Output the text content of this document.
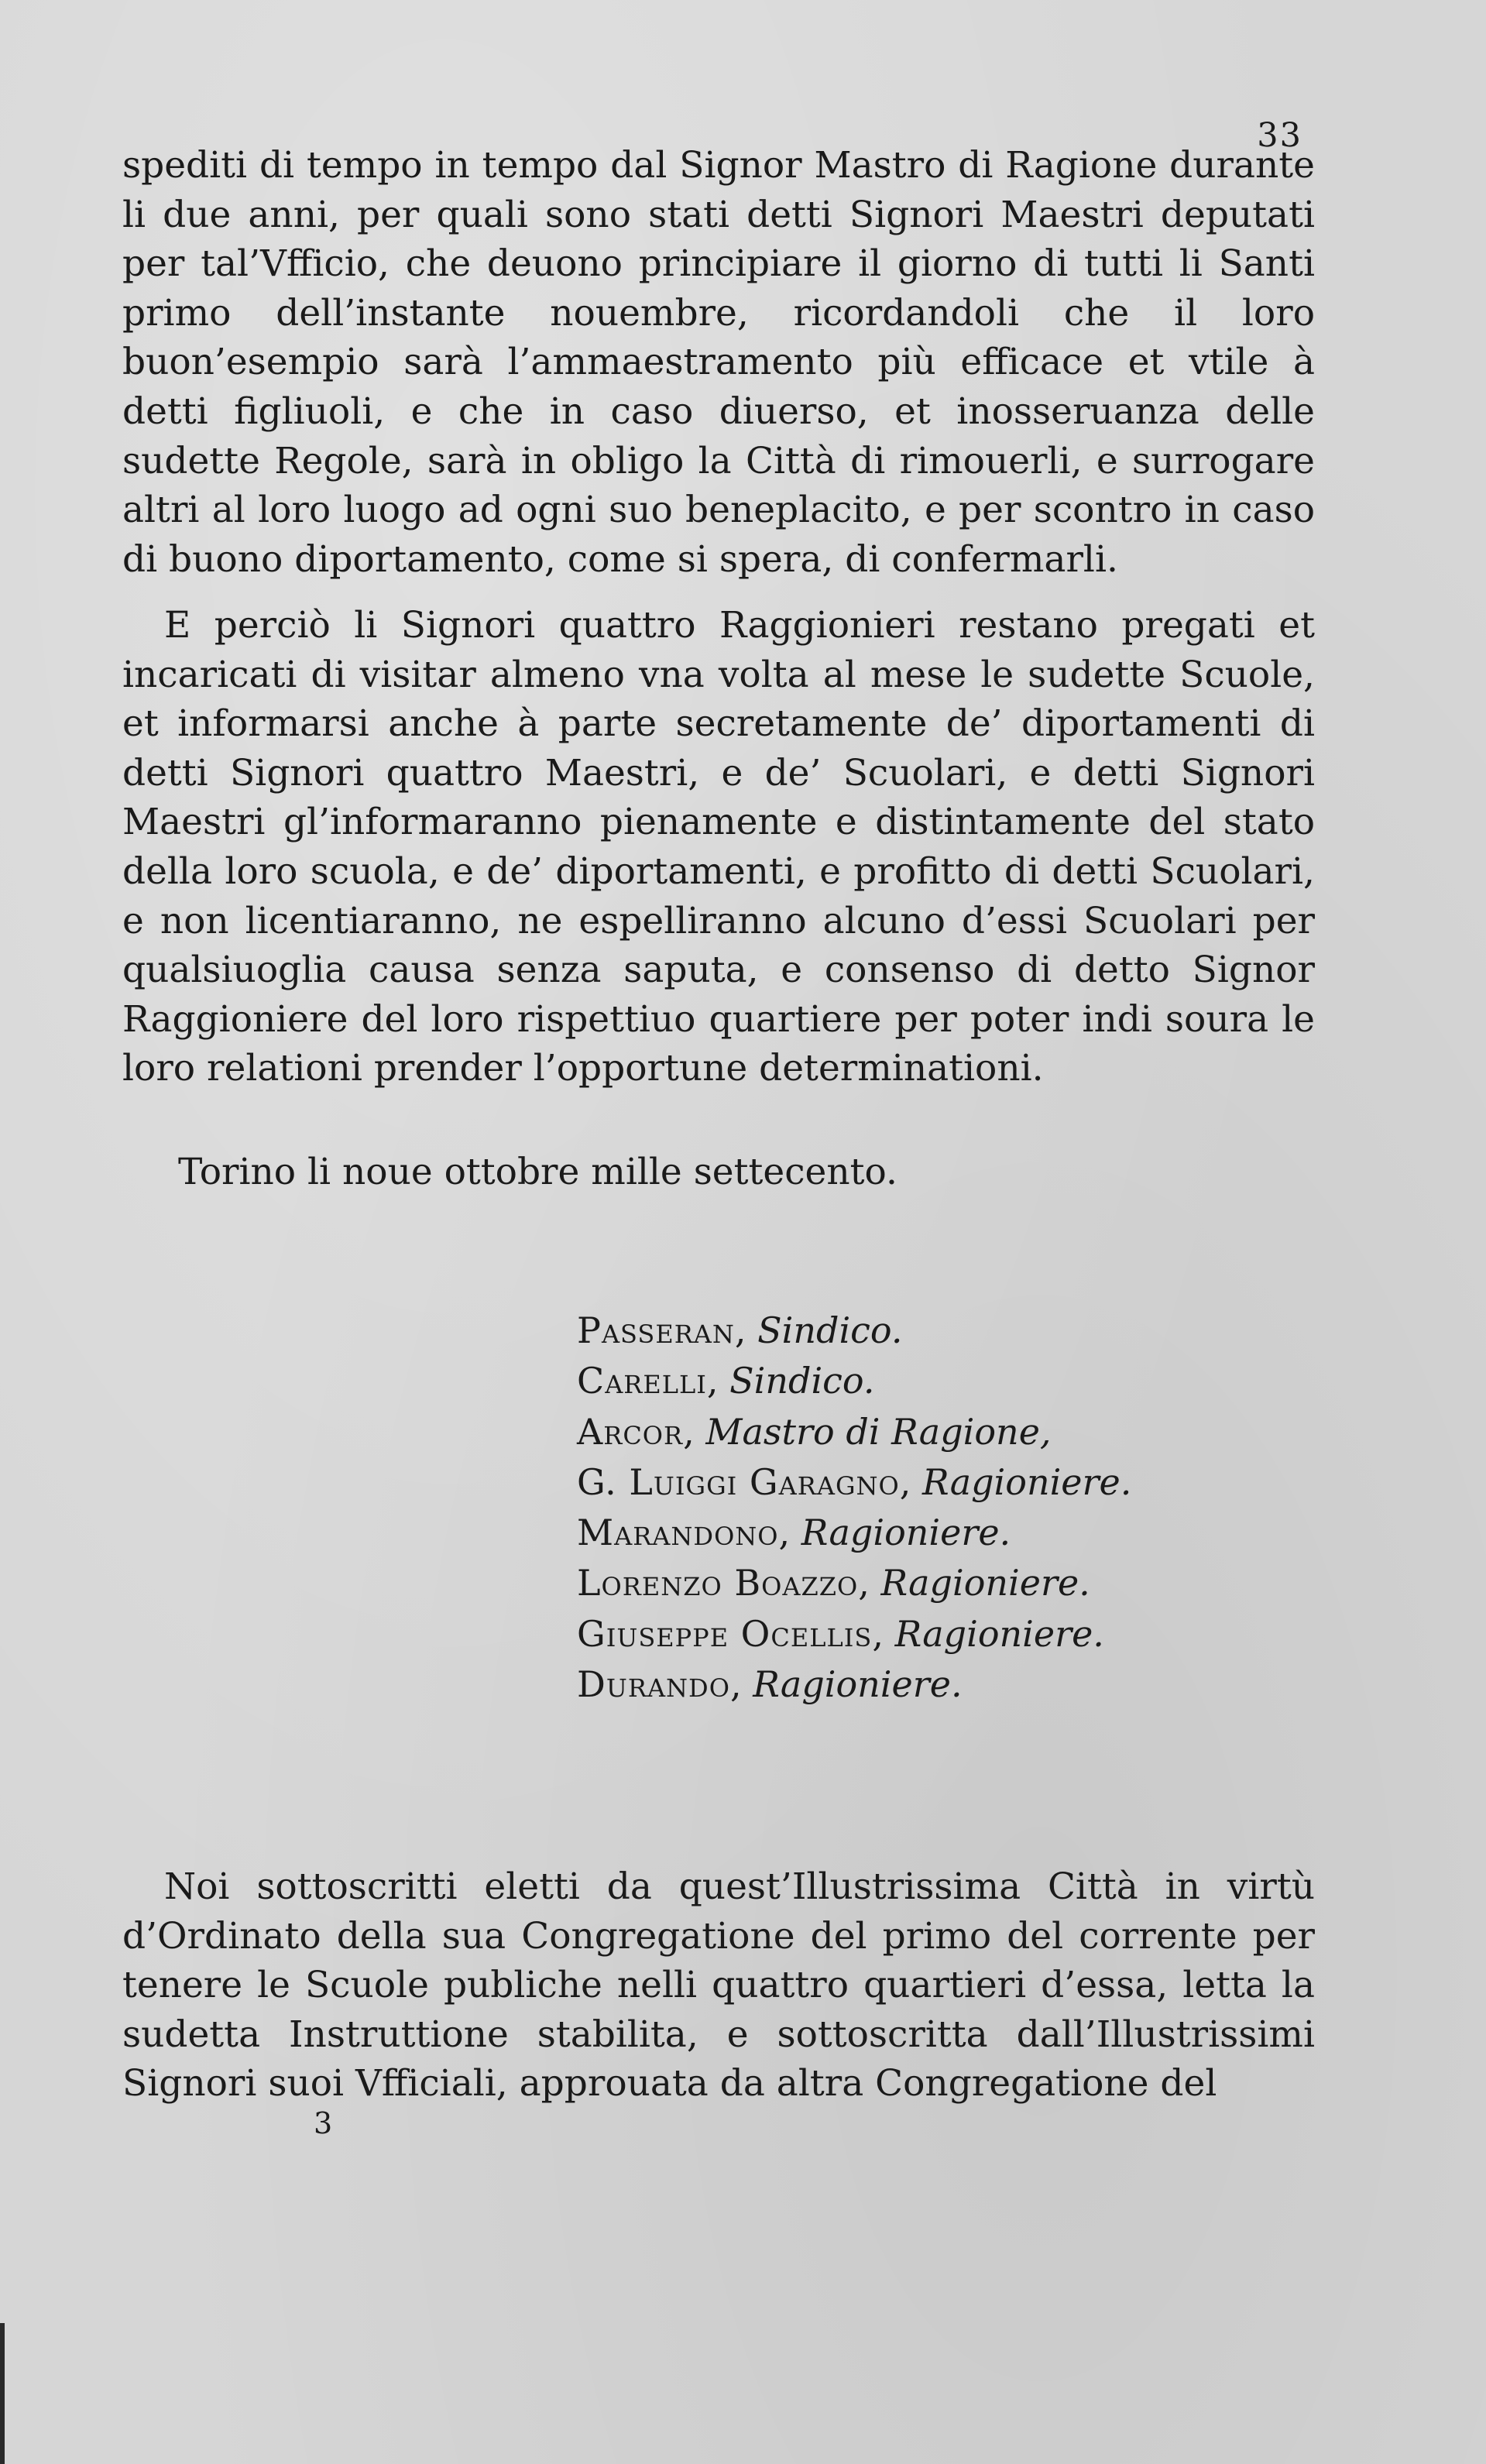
33

spediti di tempo in tempo dal Signor Mastro di Ragione durante li due anni, per quali sono stati detti Signori Maestri deputati per tal’Vfficio, che deuono principiare il giorno di tutti li Santi primo dell’instante nouembre, ricordandoli che il loro buon’esempio sarà l’ammaestramento più efficace et vtile à detti figliuoli, e che in caso diuerso, et inosseruanza delle sudette Regole, sarà in obligo la Città di rimouerli, e surrogare altri al loro luogo ad ogni suo beneplacito, e per scontro in caso di buono diportamento, come si spera, di confermarli.

E perciò li Signori quattro Raggionieri restano pregati et incaricati di visitar almeno vna volta al mese le sudette Scuole, et informarsi anche à parte secretamente de’ diportamenti di detti Signori quattro Maestri, e de’ Scuolari, e detti Signori Maestri gl’informaranno pienamente e distintamente del stato della loro scuola, e de’ diportamenti, e profitto di detti Scuolari, e non licentiaranno, ne espelliranno alcuno d’essi Scuolari per qualsiuoglia causa senza saputa, e consenso di detto Signor Raggioniere del loro rispettiuo quartiere per poter indi soura le loro relationi prender l’opportune determinationi.

Torino li noue ottobre mille settecento.
Passeran, Sindico.
Carelli, Sindico.
Arcor, Mastro di Ragione,
G. Luiggi Garagno, Ragioniere.
Marandono, Ragioniere.
Lorenzo Boazzo, Ragioniere.
Giuseppe Ocellis, Ragioniere.
Durando, Ragioniere.

Noi sottoscritti eletti da quest’Illustrissima Città in virtù d’Ordinato della sua Congregatione del primo del corrente per tenere le Scuole publiche nelli quattro quartieri d’essa, letta la sudetta Instruttione stabilita, e sottoscritta dall’Illustrissimi Signori suoi Vfficiali, approuata da altra Congregatione del

3
